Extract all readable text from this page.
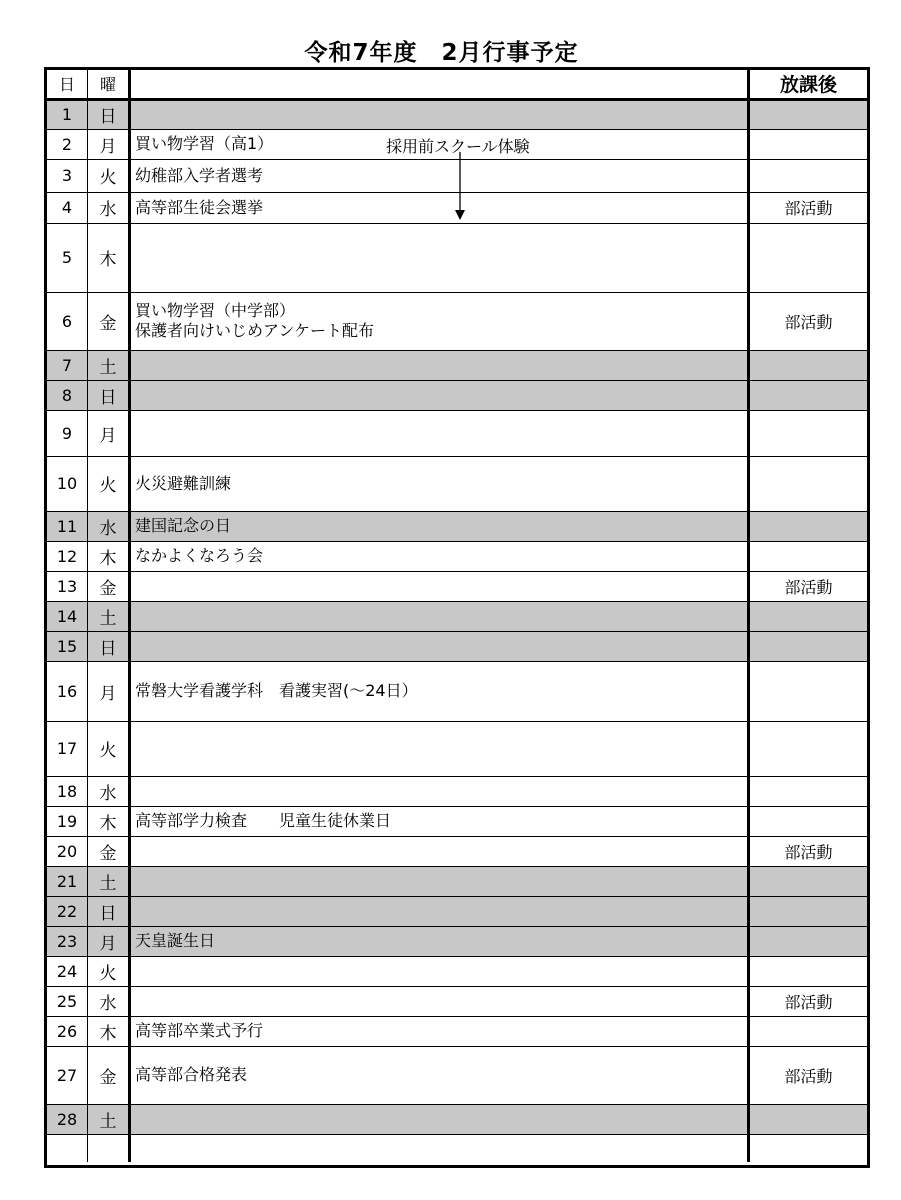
令和7年度　2月行事予定
日	曜		放課後
1	日	

2	月	買い物学習（高1）	

3	火	幼稚部入学者選考	

4	水	高等部生徒会選挙	部活動
5	木	

6	金	買い物学習（中学部）
保護者向けいじめアンケート配布	部活動
7	土	

8	日	

9	月	

10	火	火災避難訓練	

11	水	建国記念の日	

12	木	なかよくなろう会	

13	金		部活動
14	土	

15	日	

16	月	常磐大学看護学科　看護実習(～24日）	

17	火	

18	水	

19	木	高等部学力検査　　児童生徒休業日	

20	金		部活動
21	土	

22	日	

23	月	天皇誕生日	

24	火	

25	水		部活動
26	木	高等部卒業式予行	

27	金	高等部合格発表	部活動
28	土	

採用前スクール体験
